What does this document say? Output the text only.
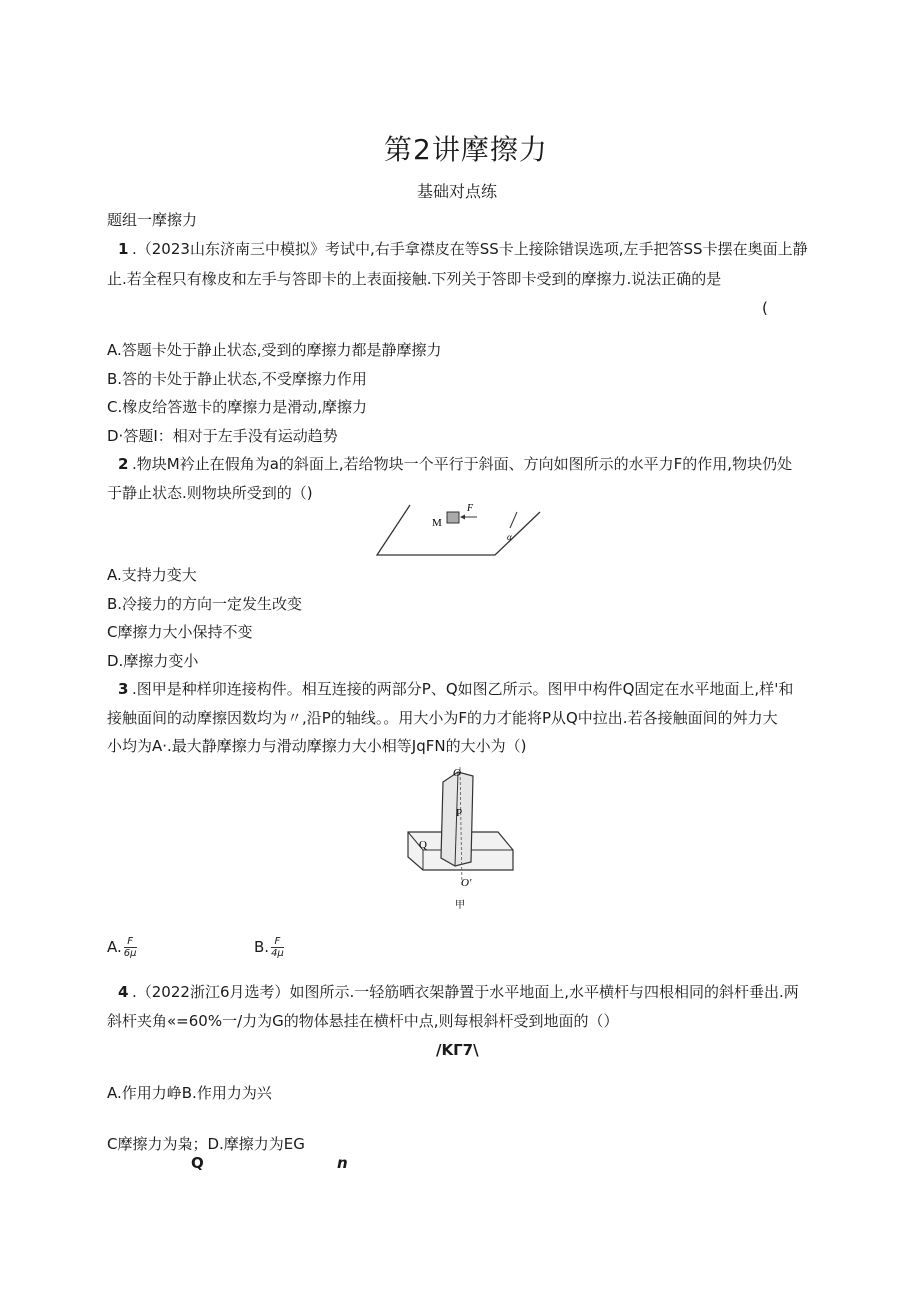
第2讲摩擦力
基础对点练
题组一摩擦力
1 .（2023山东济南三中模拟》考试中,右手拿襟皮在等SS卡上接除错误选项,左手把答SS卡摆在奥面上静
止.若全程只有橡皮和左手与答即卡的上表面接触.下列关于答即卡受到的摩擦力.说法正确的是
(
A.答题卡处于静止状态,受到的摩擦力都是静摩擦力
B.答的卡处于静止状态,不受摩擦力作用
C.橡皮给答遨卡的摩擦力是滑动,摩擦力
D·答题I：相对于左手没有运动趋势
2 .物块M衿止在假角为a的斜面上,若给物块一个平行于斜面、方向如图所示的水平力F的作用,物块仍处
于静止状态.则物块所受到的（)
M
F
α
A.支持力变大
B.冷接力的方向一定发生改变
C摩擦力大小保持不变
D.摩擦力变小
3 .图甲是种样卯连接构件。相互连接的两部分P、Q如图乙所示。图甲中构件Q固定在水平地面上,样'和
接触面间的动摩擦因数均为〃,沿P的轴线。。用大小为F的力才能将P从Q中拉出.若各接触面间的舛力大
小均为A·.最大静摩擦力与滑动摩擦力大小相等JqFN的大小为（)
O
P
Q
O'
甲
A. $\frac{F}{6\mu}$	B. $\frac{F}{4\mu}$
4 .（2022浙江6月选考）如图所示.一轻筋晒衣架静置于水平地面上,水平横杆与四根相同的斜杆垂出.两
斜杆夹角«=60%一/力为G的物体悬挂在横杆中点,则每根斜杆受到地面的（）
/KΓ7\
A.作用力峥B.作用力为兴
C摩擦力为枭；D.摩擦力为EG
Q	n
